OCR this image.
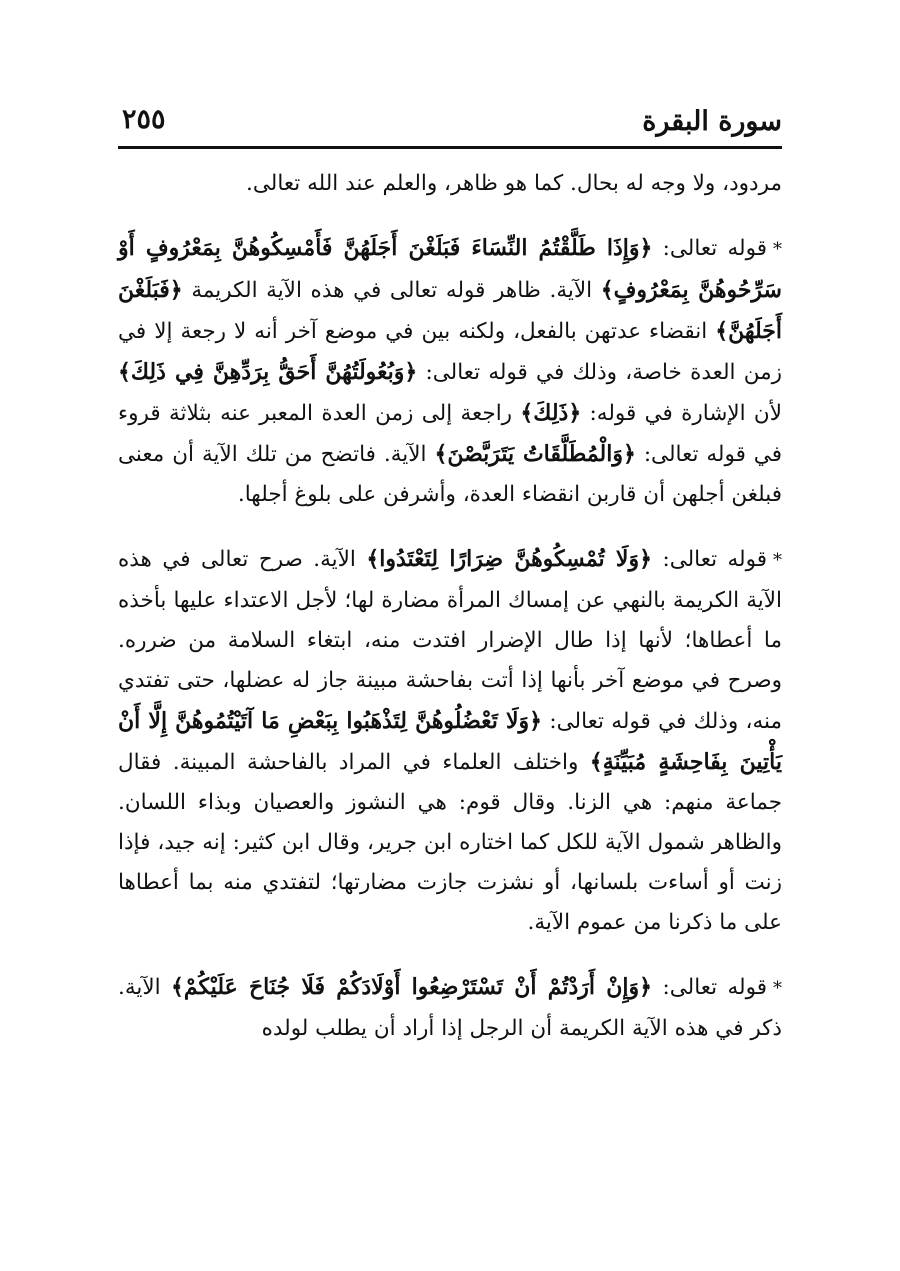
سورة البقرة
٢٥٥

مردود، ولا وجه له بحال. كما هو ظاهر، والعلم عند الله تعالى.

*قوله تعالى: ﴿وَإِذَا طَلَّقْتُمُ النِّسَاءَ فَبَلَغْنَ أَجَلَهُنَّ فَأَمْسِكُوهُنَّ بِمَعْرُوفٍ أَوْ سَرِّحُوهُنَّ بِمَعْرُوفٍ﴾ الآية. ظاهر قوله تعالى في هذه الآية الكريمة ﴿فَبَلَغْنَ أَجَلَهُنَّ﴾ انقضاء عدتهن بالفعل، ولكنه بين في موضع آخر أنه لا رجعة إلا في زمن العدة خاصة، وذلك في قوله تعالى: ﴿وَبُعُولَتُهُنَّ أَحَقُّ بِرَدِّهِنَّ فِي ذَلِكَ﴾ لأن الإشارة في قوله: ﴿ذَلِكَ﴾ راجعة إلى زمن العدة المعبر عنه بثلاثة قروء في قوله تعالى: ﴿وَالْمُطَلَّقَاتُ يَتَرَبَّصْنَ﴾ الآية. فاتضح من تلك الآية أن معنى فبلغن أجلهن أن قاربن انقضاء العدة، وأشرفن على بلوغ أجلها.

*قوله تعالى: ﴿وَلَا تُمْسِكُوهُنَّ ضِرَارًا لِتَعْتَدُوا﴾ الآية. صرح تعالى في هذه الآية الكريمة بالنهي عن إمساك المرأة مضارة لها؛ لأجل الاعتداء عليها بأخذه ما أعطاها؛ لأنها إذا طال الإضرار افتدت منه، ابتغاء السلامة من ضرره. وصرح في موضع آخر بأنها إذا أتت بفاحشة مبينة جاز له عضلها، حتى تفتدي منه، وذلك في قوله تعالى: ﴿وَلَا تَعْضُلُوهُنَّ لِتَذْهَبُوا بِبَعْضِ مَا آتَيْتُمُوهُنَّ إِلَّا أَنْ يَأْتِينَ بِفَاحِشَةٍ مُبَيِّنَةٍ﴾ واختلف العلماء في المراد بالفاحشة المبينة. فقال جماعة منهم: هي الزنا. وقال قوم: هي النشوز والعصيان وبذاء اللسان. والظاهر شمول الآية للكل كما اختاره ابن جرير، وقال ابن كثير: إنه جيد، فإذا زنت أو أساءت بلسانها، أو نشزت جازت مضارتها؛ لتفتدي منه بما أعطاها على ما ذكرنا من عموم الآية.

*قوله تعالى: ﴿وَإِنْ أَرَدْتُمْ أَنْ تَسْتَرْضِعُوا أَوْلَادَكُمْ فَلَا جُنَاحَ عَلَيْكُمْ﴾ الآية. ذكر في هذه الآية الكريمة أن الرجل إذا أراد أن يطلب لولده
